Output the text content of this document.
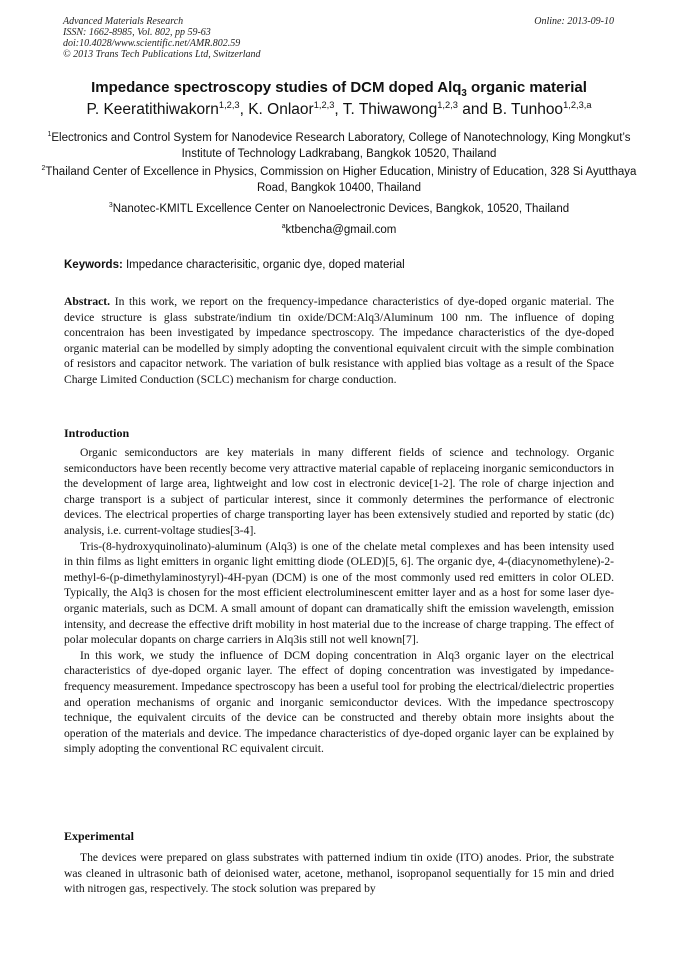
Advanced Materials Research
ISSN: 1662-8985, Vol. 802, pp 59-63
doi:10.4028/www.scientific.net/AMR.802.59
© 2013 Trans Tech Publications Ltd, Switzerland
Online: 2013-09-10
Impedance spectroscopy studies of DCM doped Alq$_3$ organic material
P. Keeratithiwakorn$^{1,2,3}$, K. Onlaor$^{1,2,3}$, T. Thiwawong$^{1,2,3}$ and B. Tunhoo$^{1,2,3,a}$
$^1$Electronics and Control System for Nanodevice Research Laboratory, College of Nanotechnology, King Mongkut’s Institute of Technology Ladkrabang, Bangkok 10520, Thailand
$^2$Thailand Center of Excellence in Physics, Commission on Higher Education, Ministry of Education, 328 Si Ayutthaya Road, Bangkok 10400, Thailand
$^3$Nanotec-KMITL Excellence Center on Nanoelectronic Devices, Bangkok, 10520, Thailand
$^a$ktbencha@gmail.com
Keywords: Impedance characterisitic, organic dye, doped material

Abstract. In this work, we report on the frequency-impedance characteristics of dye-doped organic material. The device structure is glass substrate/indium tin oxide/DCM:Alq3/Aluminum 100 nm. The influence of doping concentraion has been investigated by impedance spectroscopy. The impedance characteristics of the dye-doped organic material can be modelled by simply adopting the conventional equivalent circuit with the simple combination of resistors and capacitor network. The variation of bulk resistance with applied bias voltage as a result of the Space Charge Limited Conduction (SCLC) mechanism for charge conduction.

Introduction

Organic semiconductors are key materials in many different fields of science and technology. Organic semiconductors have been recently become very attractive material capable of replaceing inorganic semiconductors in the development of large area, lightweight and low cost in electronic device[1-2]. The role of charge injection and charge transport is a subject of particular interest, since it commonly determines the performance of electronic devices. The electrical properties of charge transporting layer has been extensively studied and reported by static (dc) analysis, i.e. current-voltage studies[3-4].

Tris-(8-hydroxyquinolinato)-aluminum (Alq3) is one of the chelate metal complexes and has been intensity used in thin films as light emitters in organic light emitting diode (OLED)[5, 6]. The organic dye, 4-(diacynomethylene)-2-methyl-6-(p-dimethylaminostyryl)-4H-pyan (DCM) is one of the most commonly used red emitters in color OLED. Typically, the Alq3 is chosen for the most efficient electroluminescent emitter layer and as a host for some laser dye-organic materials, such as DCM. A small amount of dopant can dramatically shift the emission wavelength, emission intensity, and decrease the effective drift mobility in host material due to the increase of charge trapping. The effect of polar molecular dopants on charge carriers in Alq3is still not well known[7].

In this work, we study the influence of DCM doping concentration in Alq3 organic layer on the electrical characteristics of dye-doped organic layer. The effect of doping concentration was investigated by impedance-frequency measurement. Impedance spectroscopy has been a useful tool for probing the electrical/dielectric properties and operation mechanisms of organic and inorganic semiconductor devices. With the impedance spectroscopy technique, the equivalent circuits of the device can be constructed and thereby obtain more insights about the operation of the materials and device. The impedance characteristics of dye-doped organic layer can be explained by simply adopting the conventional RC equivalent circuit.

Experimental

The devices were prepared on glass substrates with patterned indium tin oxide (ITO) anodes. Prior, the substrate was cleaned in ultrasonic bath of deionised water, acetone, methanol, isopropanol sequentially for 15 min and dried with nitrogen gas, respectively. The stock solution was prepared by
